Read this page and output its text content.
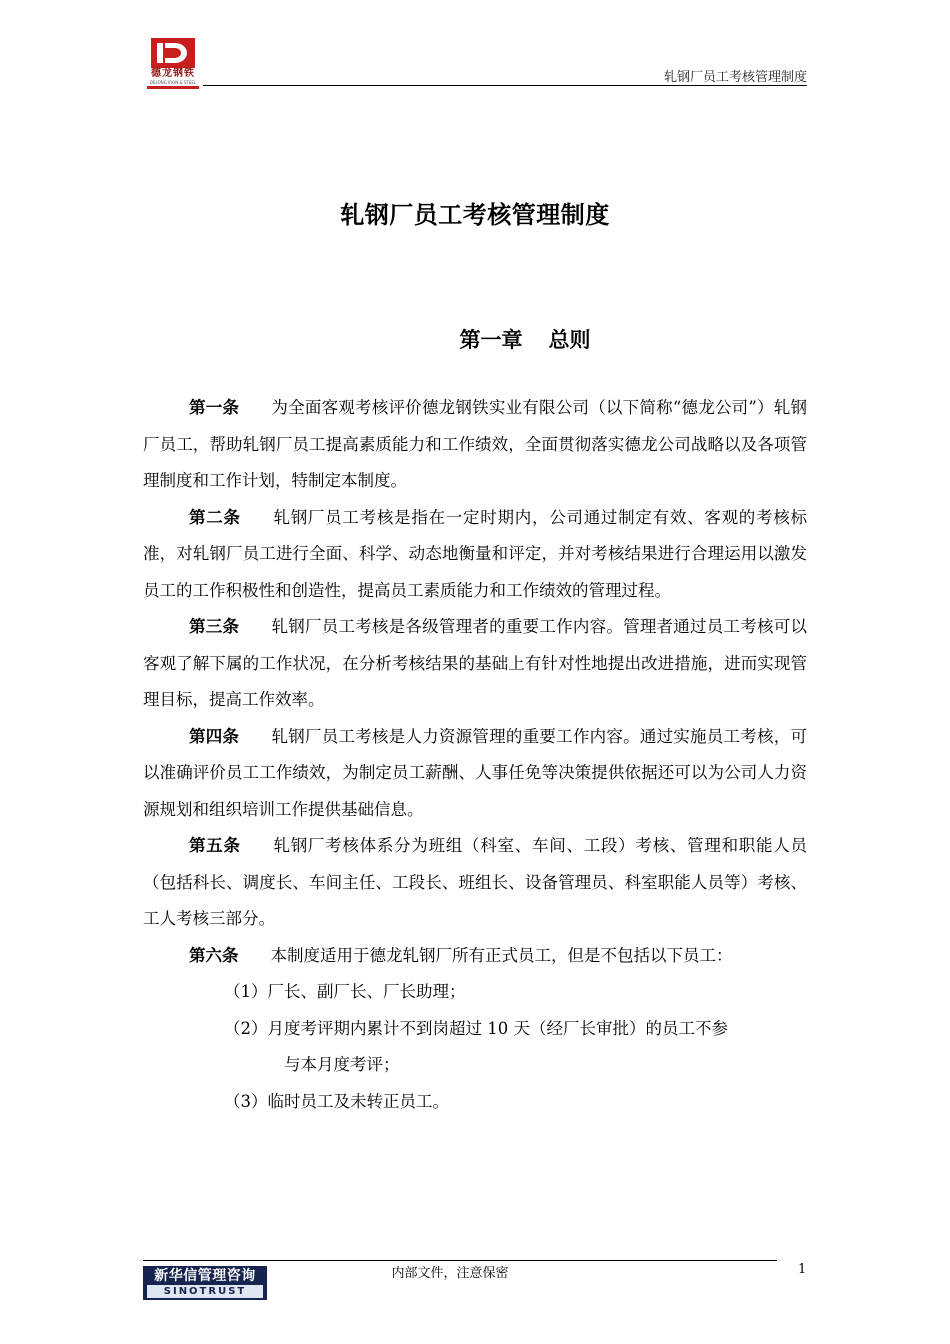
德龙钢铁
DELONG IRON & STEEL	轧钢厂员工考核管理制度
轧钢厂员工考核管理制度
第一章 总则

第一条 为全面客观考核评价德龙钢铁实业有限公司（以下简称“德龙公司”）轧钢厂员工，帮助轧钢厂员工提高素质能力和工作绩效，全面贯彻落实德龙公司战略以及各项管理制度和工作计划，特制定本制度。

第二条 轧钢厂员工考核是指在一定时期内，公司通过制定有效、客观的考核标准，对轧钢厂员工进行全面、科学、动态地衡量和评定，并对考核结果进行合理运用以激发员工的工作积极性和创造性，提高员工素质能力和工作绩效的管理过程。

第三条 轧钢厂员工考核是各级管理者的重要工作内容。管理者通过员工考核可以客观了解下属的工作状况，在分析考核结果的基础上有针对性地提出改进措施，进而实现管理目标，提高工作效率。

第四条 轧钢厂员工考核是人力资源管理的重要工作内容。通过实施员工考核，可以准确评价员工工作绩效，为制定员工薪酬、人事任免等决策提供依据还可以为公司人力资源规划和组织培训工作提供基础信息。

第五条 轧钢厂考核体系分为班组（科室、车间、工段）考核、管理和职能人员（包括科长、调度长、车间主任、工段长、班组长、设备管理员、科室职能人员等）考核、工人考核三部分。

第六条 本制度适用于德龙轧钢厂所有正式员工，但是不包括以下员工：

（1）厂长、副厂长、厂长助理；

（2）月度考评期内累计不到岗超过 10 天（经厂长审批）的员工不参
与本月度考评；

（3）临时员工及未转正员工。

内部文件，注意保密	1
新华信管理咨询
SINOTRUST
